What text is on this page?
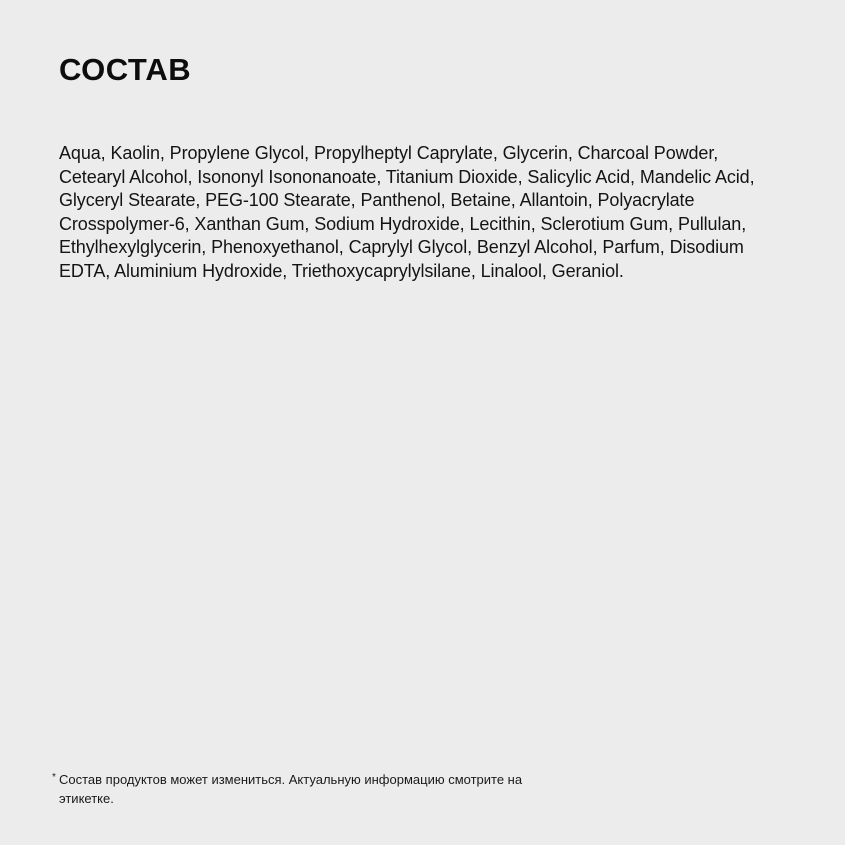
СОСТАВ

Aqua, Kaolin, Propylene Glycol, Propylheptyl Caprylate, Glycerin, Charcoal Powder, Cetearyl Alcohol, Isononyl Isononanoate, Titanium Dioxide, Salicylic Acid, Mandelic Acid, Glyceryl Stearate, PEG-100 Stearate, Panthenol, Betaine, Allantoin, Polyacrylate Crosspolymer-6, Xanthan Gum, Sodium Hydroxide, Lecithin, Sclerotium Gum, Pullulan, Ethylhexylglycerin, Phenoxyethanol, Caprylyl Glycol, Benzyl Alcohol, Parfum, Disodium EDTA, Aluminium Hydroxide, Triethoxycaprylylsilane, Linalool, Geraniol.

* Состав продуктов может измениться. Актуальную информацию смотрите на этикетке.
